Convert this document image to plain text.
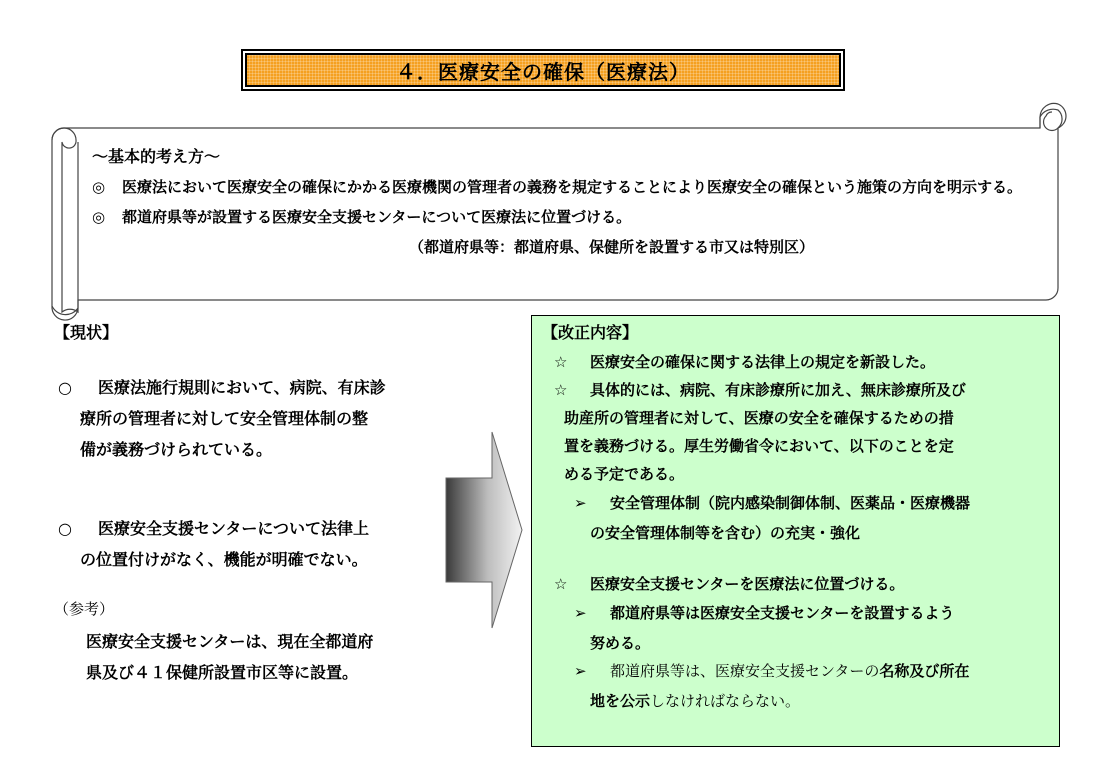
４．医療安全の確保（医療法）
～基本的考え方～
◎ 医療法において医療安全の確保にかかる医療機関の管理者の義務を規定することにより医療安全の確保という施策の方向を明示する。
◎ 都道府県等が設置する医療安全支援センターについて医療法に位置づける。
（都道府県等：都道府県、保健所を設置する市又は特別区）
【現状】
○ 医療法施行規則において、病院、有床診
療所の管理者に対して安全管理体制の整
備が義務づけられている。
○ 医療安全支援センターについて法律上
の位置付けがなく、機能が明確でない。
（参考）
医療安全支援センターは、現在全都道府
県及び４１保健所設置市区等に設置。
【改正内容】
☆	医療安全の確保に関する法律上の規定を新設した。
☆	具体的には、病院、有床診療所に加え、無床診療所及び
助産所の管理者に対して、医療の安全を確保するための措
置を義務づける。厚生労働省令において、以下のことを定
める予定である。
➢	安全管理体制（院内感染制御体制、医薬品・医療機器
の安全管理体制等を含む）の充実・強化
☆	医療安全支援センターを医療法に位置づける。
➢	都道府県等は医療安全支援センターを設置するよう
努める。
➢	都道府県等は、医療安全支援センターの名称及び所在
地を公示しなければならない。
